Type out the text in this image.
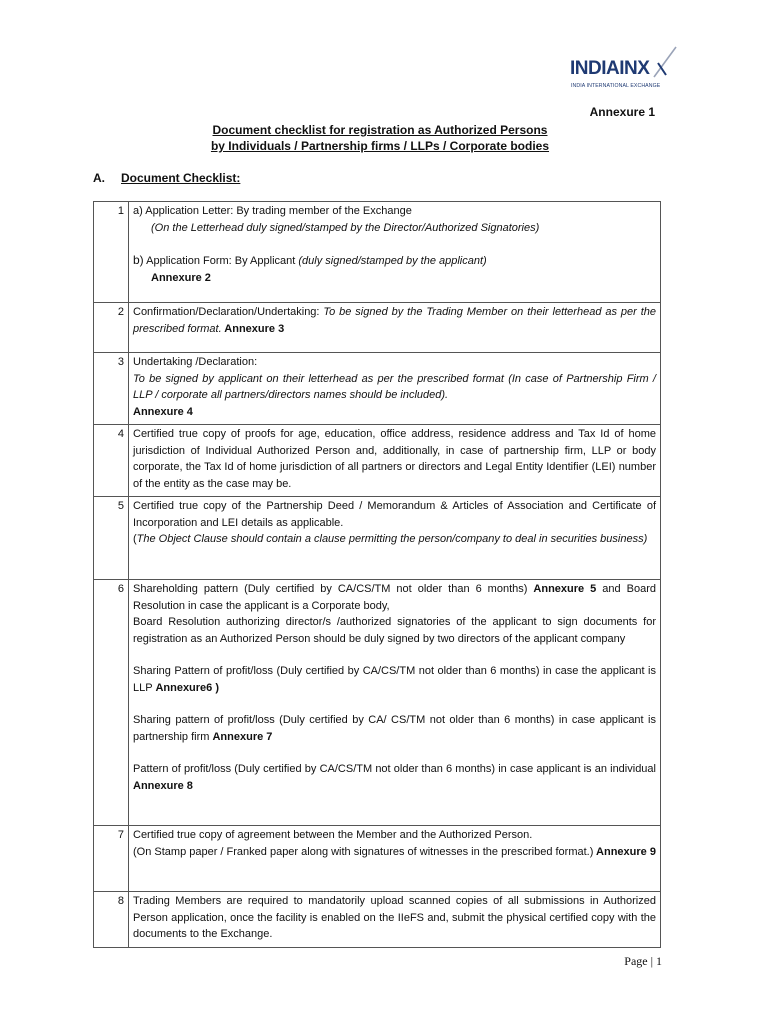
INDIAINX
INDIA INTERNATIONAL EXCHANGE
Annexure 1
Document checklist for registration as Authorized Persons
by Individuals / Partnership firms / LLPs / Corporate bodies
A. Document Checklist:
1	a) Application Letter: By trading member of the Exchange
(On the Letterhead duly signed/stamped by the Director/Authorized Signatories)
b) Application Form: By Applicant (duly signed/stamped by the applicant)
Annexure 2

2	Confirmation/Declaration/Undertaking: To be signed by the Trading Member on their letterhead as per the prescribed format. Annexure 3
3	Undertaking /Declaration:
To be signed by applicant on their letterhead as per the prescribed format (In case of Partnership Firm / LLP / corporate all partners/directors names should be included).
Annexure 4

4	Certified true copy of proofs for age, education, office address, residence address and Tax Id of home jurisdiction of Individual Authorized Person and, additionally, in case of partnership firm, LLP or body corporate, the Tax Id of home jurisdiction of all partners or directors and Legal Entity Identifier (LEI) number of the entity as the case may be.
5	Certified true copy of the Partnership Deed / Memorandum & Articles of Association and Certificate of Incorporation and LEI details as applicable.
(The Object Clause should contain a clause permitting the person/company to deal in securities business)

6	Shareholding pattern (Duly certified by CA/CS/TM not older than 6 months) Annexure 5 and Board Resolution in case the applicant is a Corporate body,
Board Resolution authorizing director/s /authorized signatories of the applicant to sign documents for registration as an Authorized Person should be duly signed by two directors of the applicant company
Sharing Pattern of profit/loss (Duly certified by CA/CS/TM not older than 6 months) in case the applicant is LLP Annexure6 )
Sharing pattern of profit/loss (Duly certified by CA/ CS/TM not older than 6 months) in case applicant is partnership firm Annexure 7
Pattern of profit/loss (Duly certified by CA/CS/TM not older than 6 months) in case applicant is an individual Annexure 8

7	Certified true copy of agreement between the Member and the Authorized Person.
(On Stamp paper / Franked paper along with signatures of witnesses in the prescribed format.) Annexure 9

8	Trading Members are required to mandatorily upload scanned copies of all submissions in Authorized Person application, once the facility is enabled on the IIeFS and, submit the physical certified copy with the documents to the Exchange.
Page | 1
